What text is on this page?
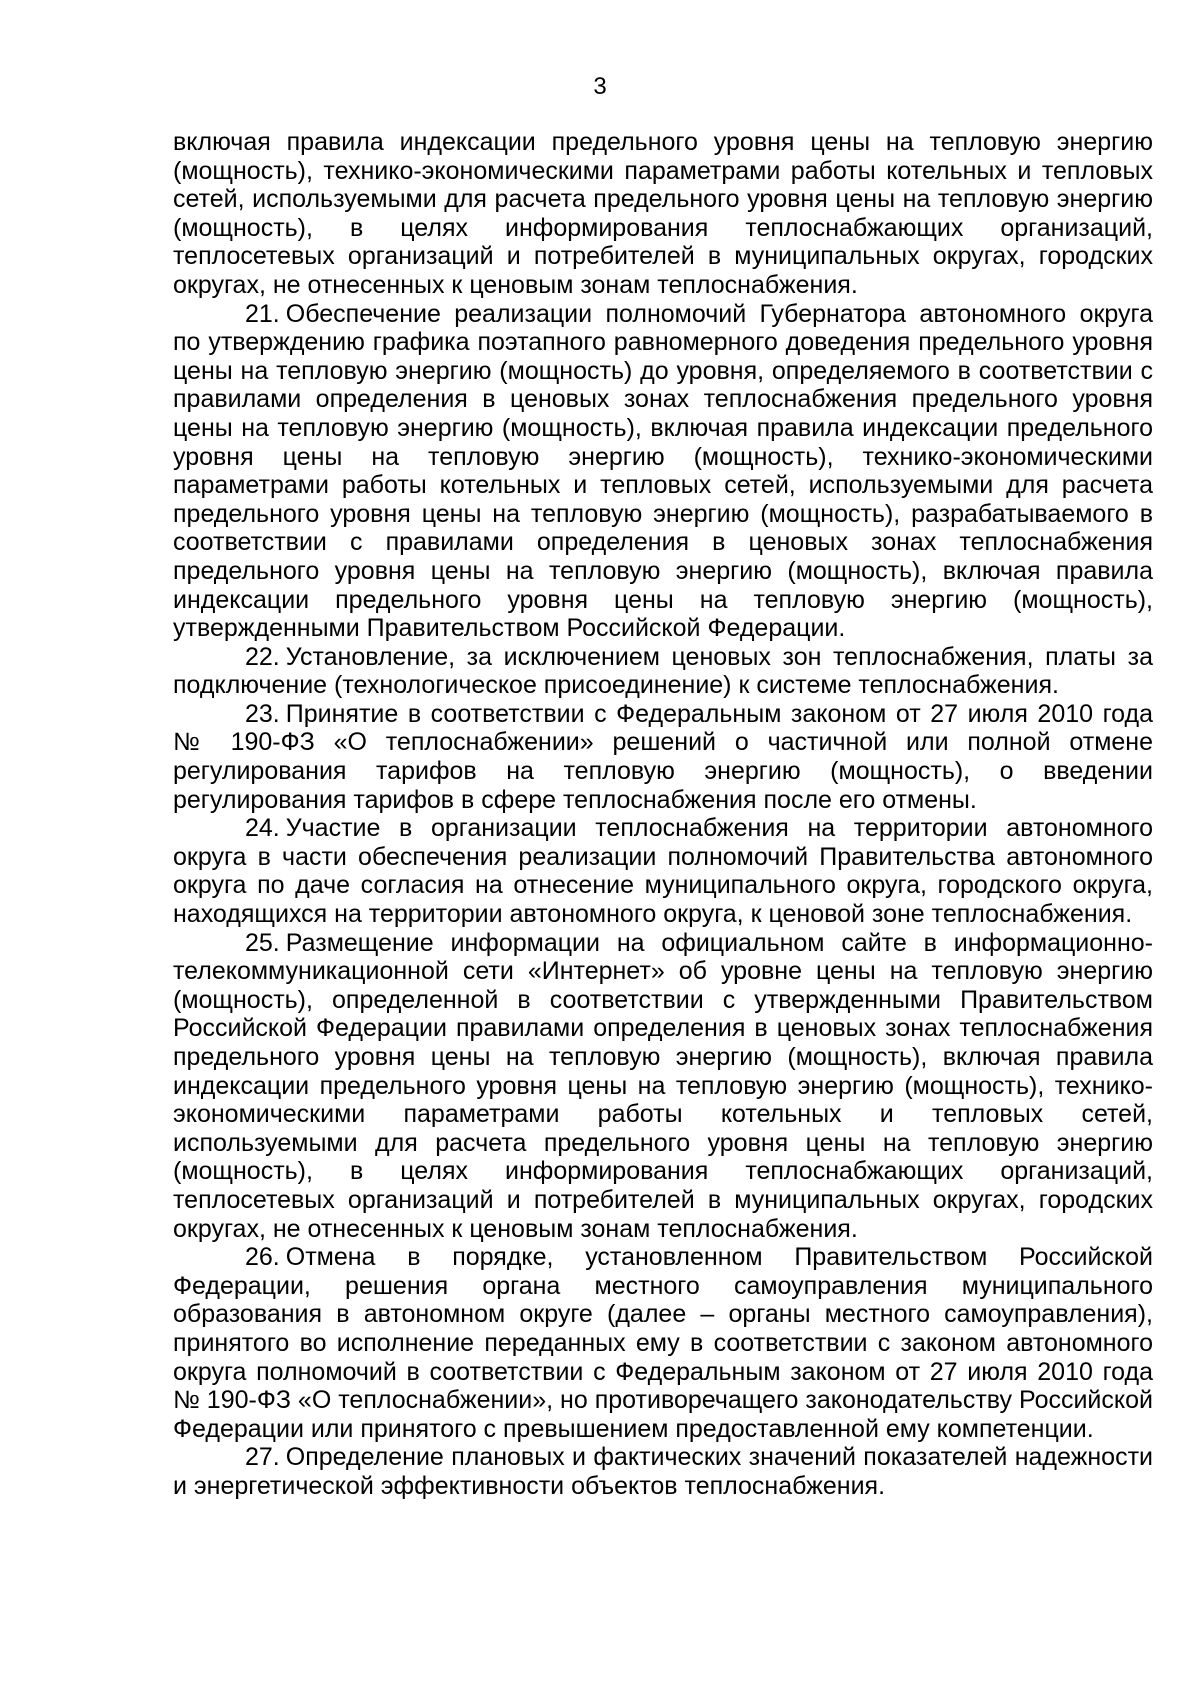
3

включая правила индексации предельного уровня цены на тепловую энергию (мощность), технико-экономическими параметрами работы котельных и тепловых сетей, используемыми для расчета предельного уровня цены на тепловую энергию (мощность), в целях информирования теплоснабжающих организаций, теплосетевых организаций и потребителей в муниципальных округах, городских округах, не отнесенных к ценовым зонам теплоснабжения.

21. Обеспечение реализации полномочий Губернатора автономного округа по утверждению графика поэтапного равномерного доведения предельного уровня цены на тепловую энергию (мощность) до уровня, определяемого в соответствии с правилами определения в ценовых зонах теплоснабжения предельного уровня цены на тепловую энергию (мощность), включая правила индексации предельного уровня цены на тепловую энергию (мощность), технико-экономическими параметрами работы котельных и тепловых сетей, используемыми для расчета предельного уровня цены на тепловую энергию (мощность), разрабатываемого в соответствии с правилами определения в ценовых зонах теплоснабжения предельного уровня цены на тепловую энергию (мощность), включая правила индексации предельного уровня цены на тепловую энергию (мощность), утвержденными Правительством Российской Федерации.

22. Установление, за исключением ценовых зон теплоснабжения, платы за подключение (технологическое присоединение) к системе теплоснабжения.

23. Принятие в соответствии с Федеральным законом от 27 июля 2010 года № 190-ФЗ «О теплоснабжении» решений о частичной или полной отмене регулирования тарифов на тепловую энергию (мощность), о введении регулирования тарифов в сфере теплоснабжения после его отмены.

24. Участие в организации теплоснабжения на территории автономного округа в части обеспечения реализации полномочий Правительства автономного округа по даче согласия на отнесение муниципального округа, городского округа, находящихся на территории автономного округа, к ценовой зоне теплоснабжения.

25. Размещение информации на официальном сайте в информационно-телекоммуникационной сети «Интернет» об уровне цены на тепловую энергию (мощность), определенной в соответствии с утвержденными Правительством Российской Федерации правилами определения в ценовых зонах теплоснабжения предельного уровня цены на тепловую энергию (мощность), включая правила индексации предельного уровня цены на тепловую энергию (мощность), технико-экономическими параметрами работы котельных и тепловых сетей, используемыми для расчета предельного уровня цены на тепловую энергию (мощность), в целях информирования теплоснабжающих организаций, теплосетевых организаций и потребителей в муниципальных округах, городских округах, не отнесенных к ценовым зонам теплоснабжения.

26. Отмена в порядке, установленном Правительством Российской Федерации, решения органа местного самоуправления муниципального образования в автономном округе (далее – органы местного самоуправления), принятого во исполнение переданных ему в соответствии с законом автономного округа полномочий в соответствии с Федеральным законом от 27 июля 2010 года № 190-ФЗ «О теплоснабжении», но противоречащего законодательству Российской Федерации или принятого с превышением предоставленной ему компетенции.

27. Определение плановых и фактических значений показателей надежности и энергетической эффективности объектов теплоснабжения.
